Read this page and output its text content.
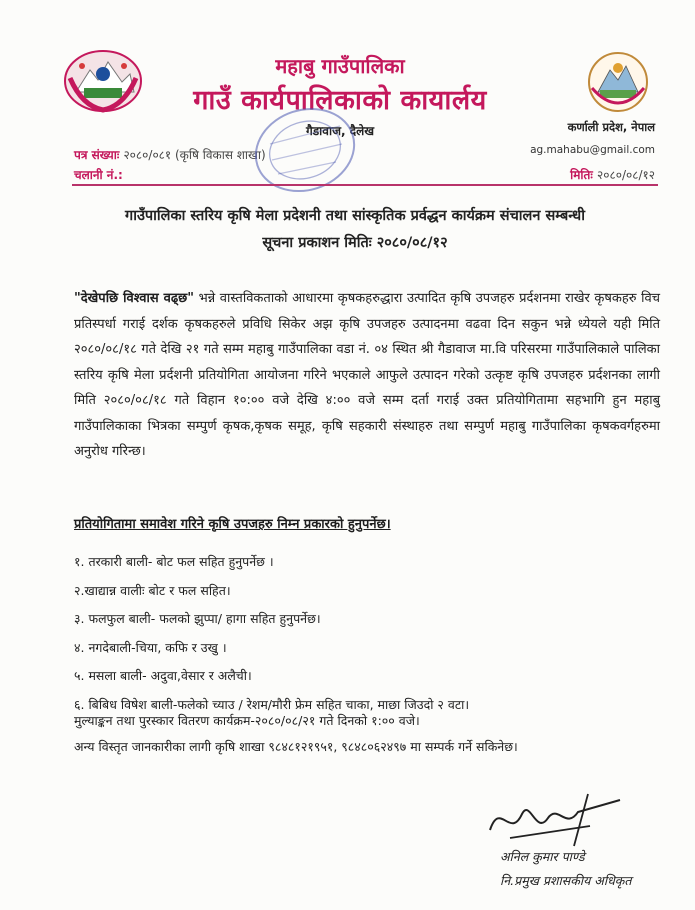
महाबु गाउँपालिका
गाउँ कार्यपालिकाको कायार्लय
गैडावाज, दैलेख	कर्णाली प्रदेश, नेपाल
ag.mahabu@gmail.com
पत्र संख्याः २०८०/०८१ (कृषि विकास शाखा)
चलानी नं.:	मितिः २०८०/०८/१२
गाउँपालिका स्तरिय कृषि मेला प्रदेशनी तथा सांस्कृतिक प्रर्वद्धन कार्यक्रम संचालन सम्बन्धी
सूचना प्रकाशन मितिः २०८०/०८/१२
"देखेपछि विश्वास वढ्छ" भन्ने वास्तविकताको आधारमा कृषकहरुद्धारा उत्पादित कृषि उपजहरु प्रर्दशनमा राखेर कृषकहरु विच प्रतिस्पर्धा गराई दर्शक कृषकहरुले प्रविधि सिकेर अझ कृषि उपजहरु उत्पादनमा वढवा दिन सकुन भन्ने ध्येयले यही मिति २०८०/०८/१८ गते देखि २१ गते सम्म महाबु गाउँपालिका वडा नं. ०४ स्थित श्री गैडावाज मा.वि परिसरमा गाउँपालिकाले पालिका स्तरिय कृषि मेला प्रर्दशनी प्रतियोगिता आयोजना गरिने भएकाले आफुले उत्पादन गरेको उत्कृष्ट कृषि उपजहरु प्रर्दशनका लागी मिति २०८०/०८/१८ गते विहान १०:०० वजे देखि ४:०० वजे सम्म दर्ता गराई उक्त प्रतियोगितामा सहभागि हुन महाबु गाउँपालिकाका भित्रका सम्पुर्ण कृषक,कृषक समूह, कृषि सहकारी संस्थाहरु तथा सम्पुर्ण महाबु गाउँपालिका कृषकवर्गहरुमा अनुरोध गरिन्छ।
प्रतियोगितामा समावेश गरिने कृषि उपजहरु निम्न प्रकारको हुनुपर्नेछ।
१. तरकारी बाली- बोट फल सहित हुनुपर्नेछ ।
२.खाद्यान्न वालीः बोट र फल सहित।
३. फलफुल बाली- फलको झुप्पा/ हागा सहित हुनुपर्नेछ।
४. नगदेबाली-चिया, कफि र उखु ।
५. मसला बाली- अदुवा,वेसार र अलैची।
६. बिबिध विषेश बाली-फलेको च्याउ / रेशम/मौरी फ्रेम सहित चाका, माछा जिउदो २ वटा।
मुल्याङ्कन तथा पुरस्कार वितरण कार्यक्रम-२०८०/०८/२१ गते दिनको १:०० वजे।
अन्य विस्तृत जानकारीका लागी कृषि शाखा ९८४८१२१९५१, ९८४८०६२४९७ मा सम्पर्क गर्ने सकिनेछ।
अनिल कुमार पाण्डे
नि.प्रमुख प्रशासकीय अधिकृत
